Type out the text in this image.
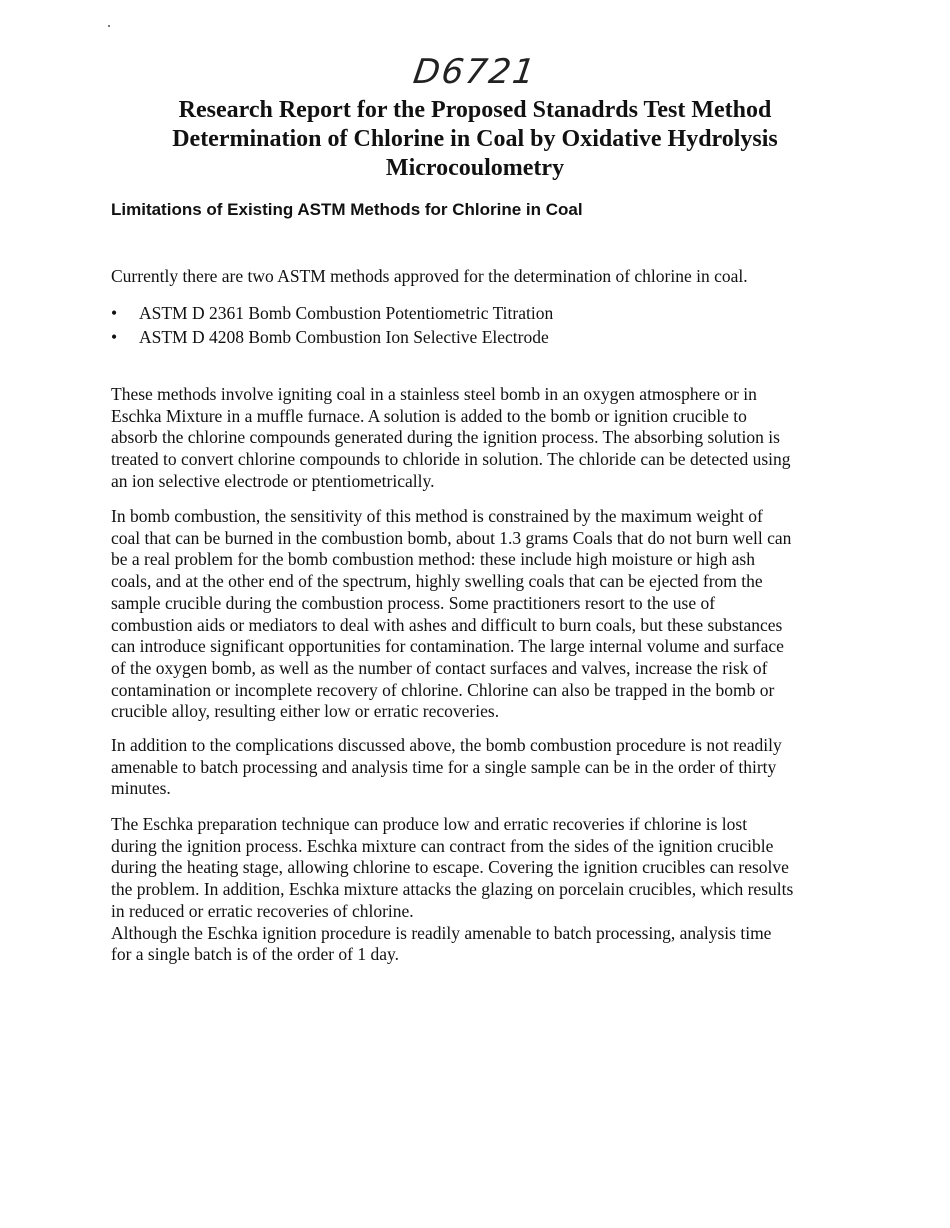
D6721
Research Report for the Proposed Stanadrds Test Method
Determination of Chlorine in Coal by Oxidative Hydrolysis
Microcoulometry
Limitations of Existing ASTM Methods for Chlorine in Coal
Currently there are two ASTM methods approved for the determination of chlorine in coal.
• ASTM D 2361 Bomb Combustion Potentiometric Titration
• ASTM D 4208 Bomb Combustion Ion Selective Electrode
These methods involve igniting coal in a stainless steel bomb in an oxygen atmosphere or in
Eschka Mixture in a muffle furnace. A solution is added to the bomb or ignition crucible to
absorb the chlorine compounds generated during the ignition process. The absorbing solution is
treated to convert chlorine compounds to chloride in solution. The chloride can be detected using
an ion selective electrode or ptentiometrically.
In bomb combustion, the sensitivity of this method is constrained by the maximum weight of
coal that can be burned in the combustion bomb, about 1.3 grams Coals that do not burn well can
be a real problem for the bomb combustion method: these include high moisture or high ash
coals, and at the other end of the spectrum, highly swelling coals that can be ejected from the
sample crucible during the combustion process. Some practitioners resort to the use of
combustion aids or mediators to deal with ashes and difficult to burn coals, but these substances
can introduce significant opportunities for contamination. The large internal volume and surface
of the oxygen bomb, as well as the number of contact surfaces and valves, increase the risk of
contamination or incomplete recovery of chlorine. Chlorine can also be trapped in the bomb or
crucible alloy, resulting either low or erratic recoveries.
In addition to the complications discussed above, the bomb combustion procedure is not readily
amenable to batch processing and analysis time for a single sample can be in the order of thirty
minutes.
The Eschka preparation technique can produce low and erratic recoveries if chlorine is lost
during the ignition process. Eschka mixture can contract from the sides of the ignition crucible
during the heating stage, allowing chlorine to escape. Covering the ignition crucibles can resolve
the problem. In addition, Eschka mixture attacks the glazing on porcelain crucibles, which results
in reduced or erratic recoveries of chlorine.
Although the Eschka ignition procedure is readily amenable to batch processing, analysis time
for a single batch is of the order of 1 day.
